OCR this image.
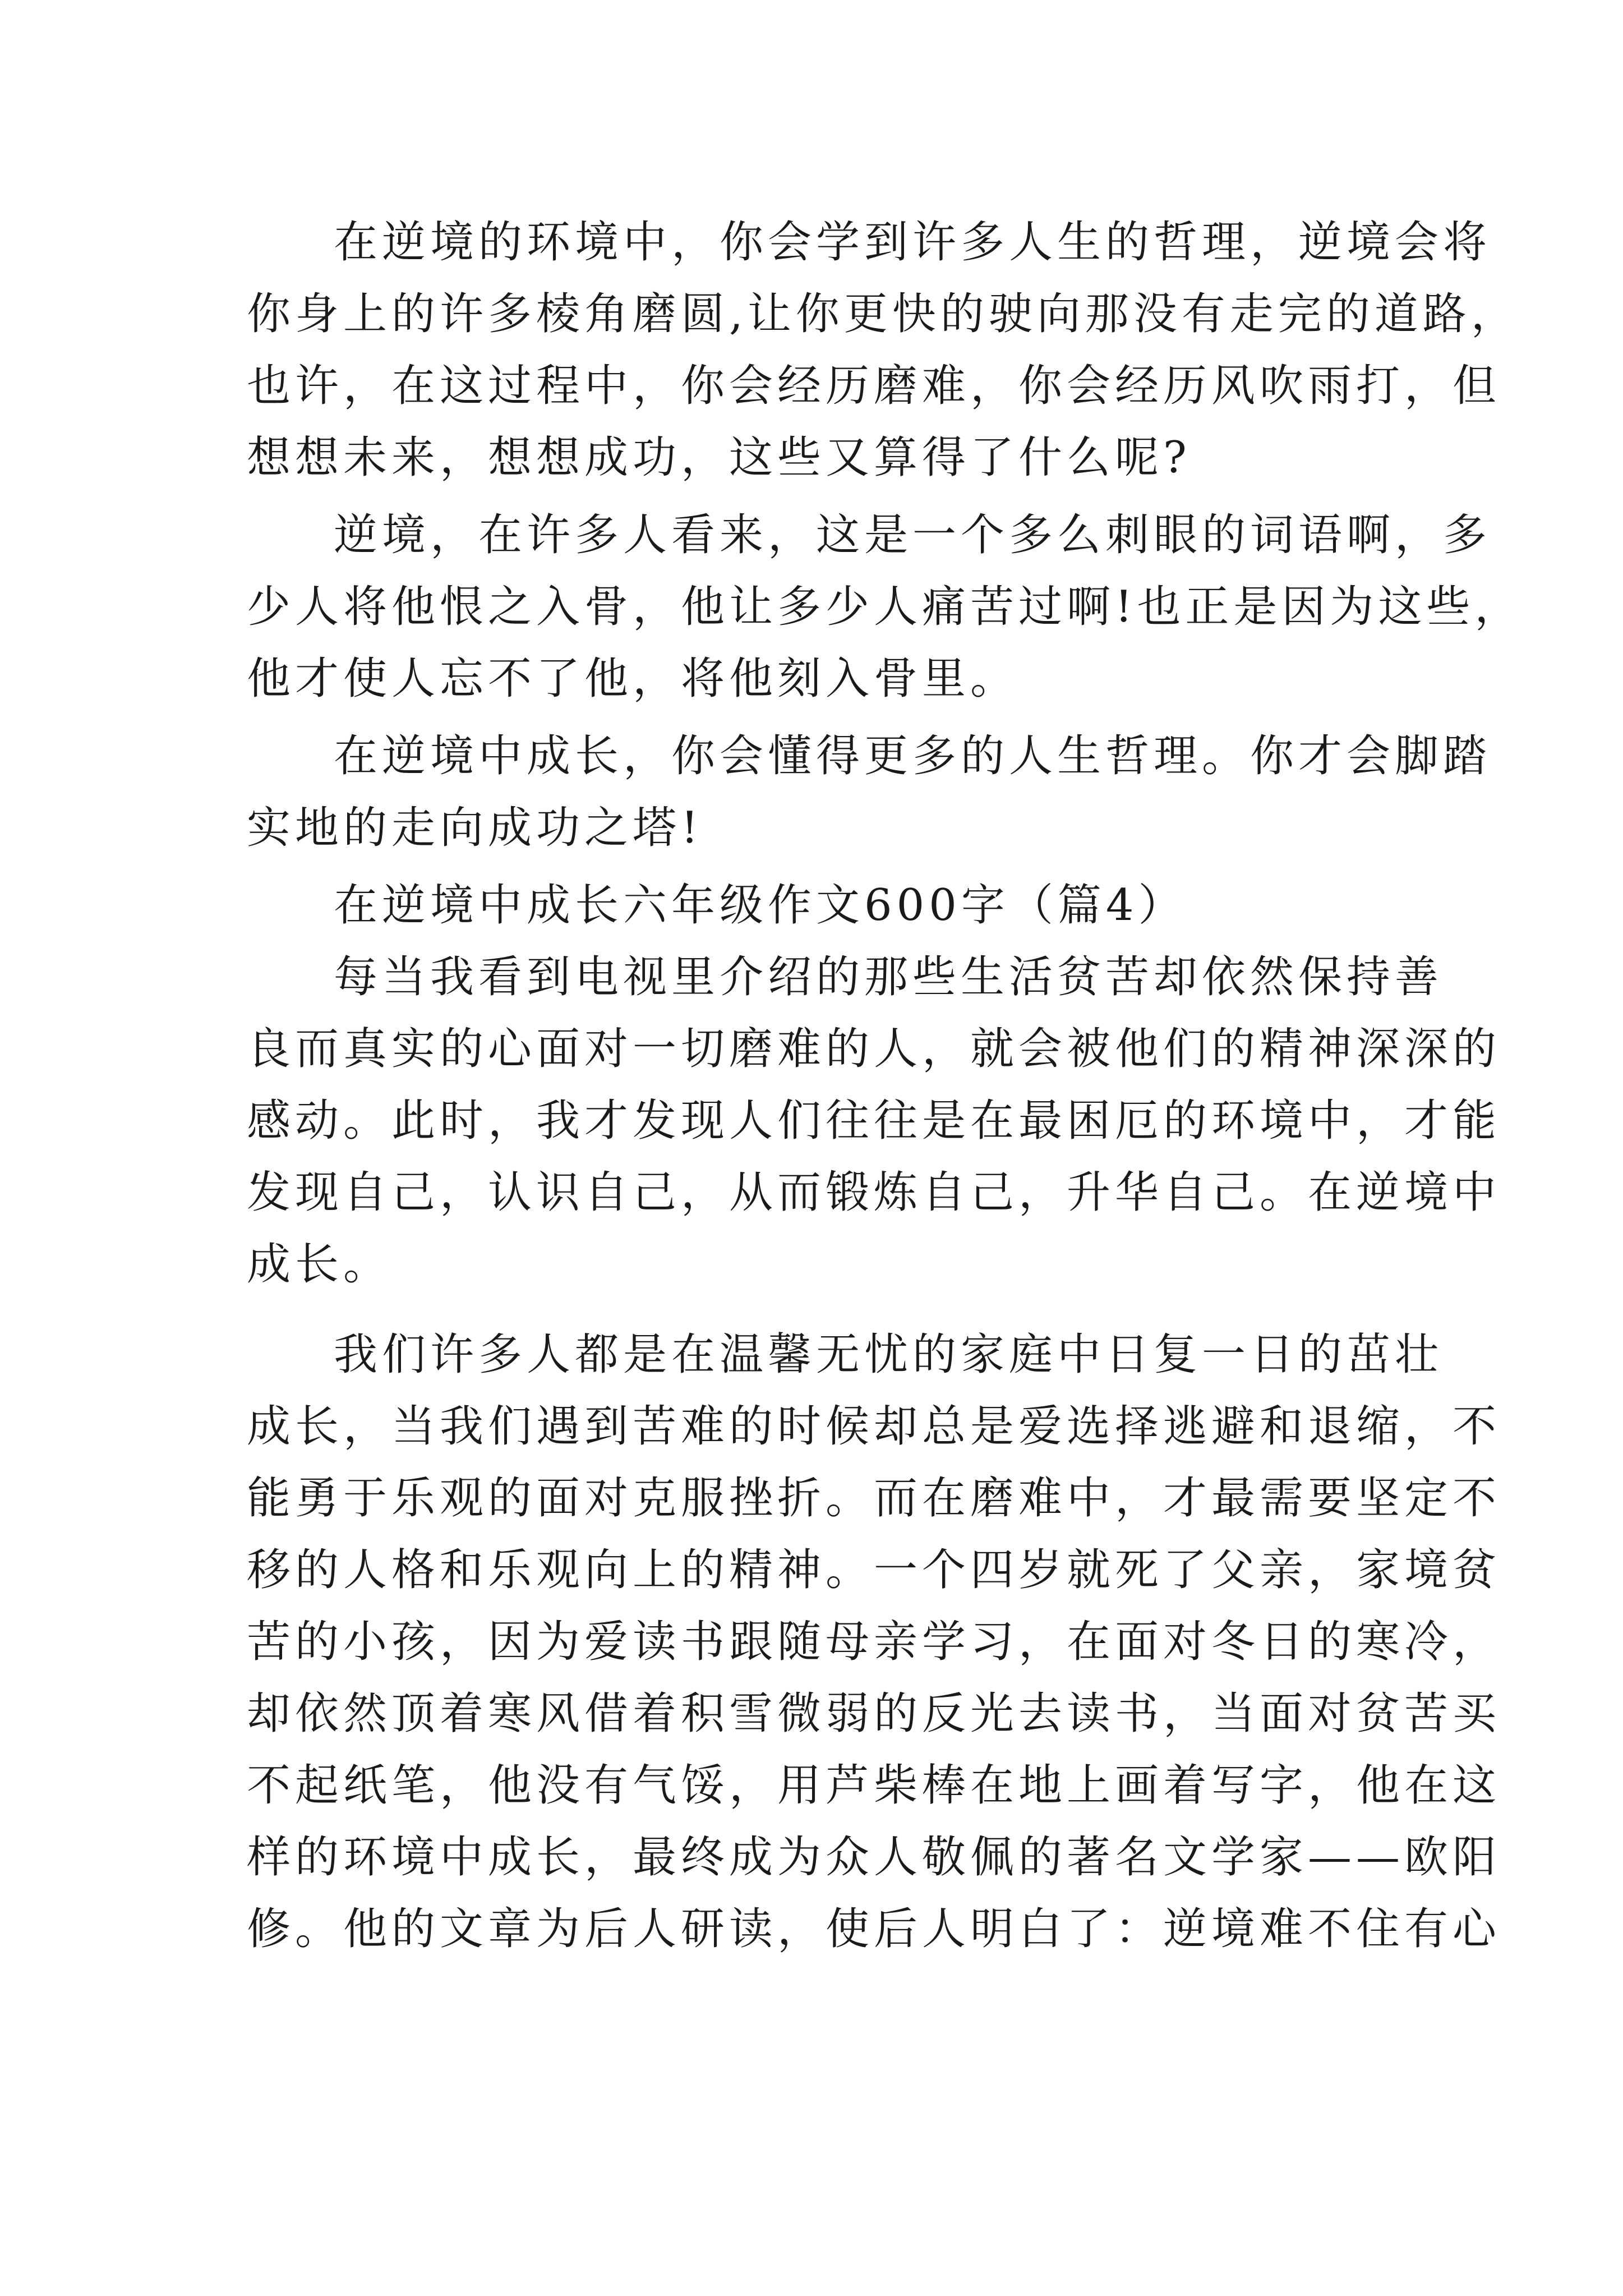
在逆境的环境中，你会学到许多人生的哲理，逆境会将
你身上的许多棱角磨圆,让你更快的驶向那没有走完的道路，
也许，在这过程中，你会经历磨难，你会经历风吹雨打，但
想想未来，想想成功，这些又算得了什么呢?
逆境，在许多人看来，这是一个多么刺眼的词语啊，多
少人将他恨之入骨，他让多少人痛苦过啊!也正是因为这些，
他才使人忘不了他，将他刻入骨里。
在逆境中成长，你会懂得更多的人生哲理。你才会脚踏
实地的走向成功之塔!
在逆境中成长六年级作文600字（篇4）
每当我看到电视里介绍的那些生活贫苦却依然保持善
良而真实的心面对一切磨难的人，就会被他们的精神深深的
感动。此时，我才发现人们往往是在最困厄的环境中，才能
发现自己，认识自己，从而锻炼自己，升华自己。在逆境中
成长。
我们许多人都是在温馨无忧的家庭中日复一日的茁壮
成长，当我们遇到苦难的时候却总是爱选择逃避和退缩，不
能勇于乐观的面对克服挫折。而在磨难中，才最需要坚定不
移的人格和乐观向上的精神。一个四岁就死了父亲，家境贫
苦的小孩，因为爱读书跟随母亲学习，在面对冬日的寒冷，
却依然顶着寒风借着积雪微弱的反光去读书，当面对贫苦买
不起纸笔，他没有气馁，用芦柴棒在地上画着写字，他在这
样的环境中成长，最终成为众人敬佩的著名文学家——欧阳
修。他的文章为后人研读，使后人明白了：逆境难不住有心
